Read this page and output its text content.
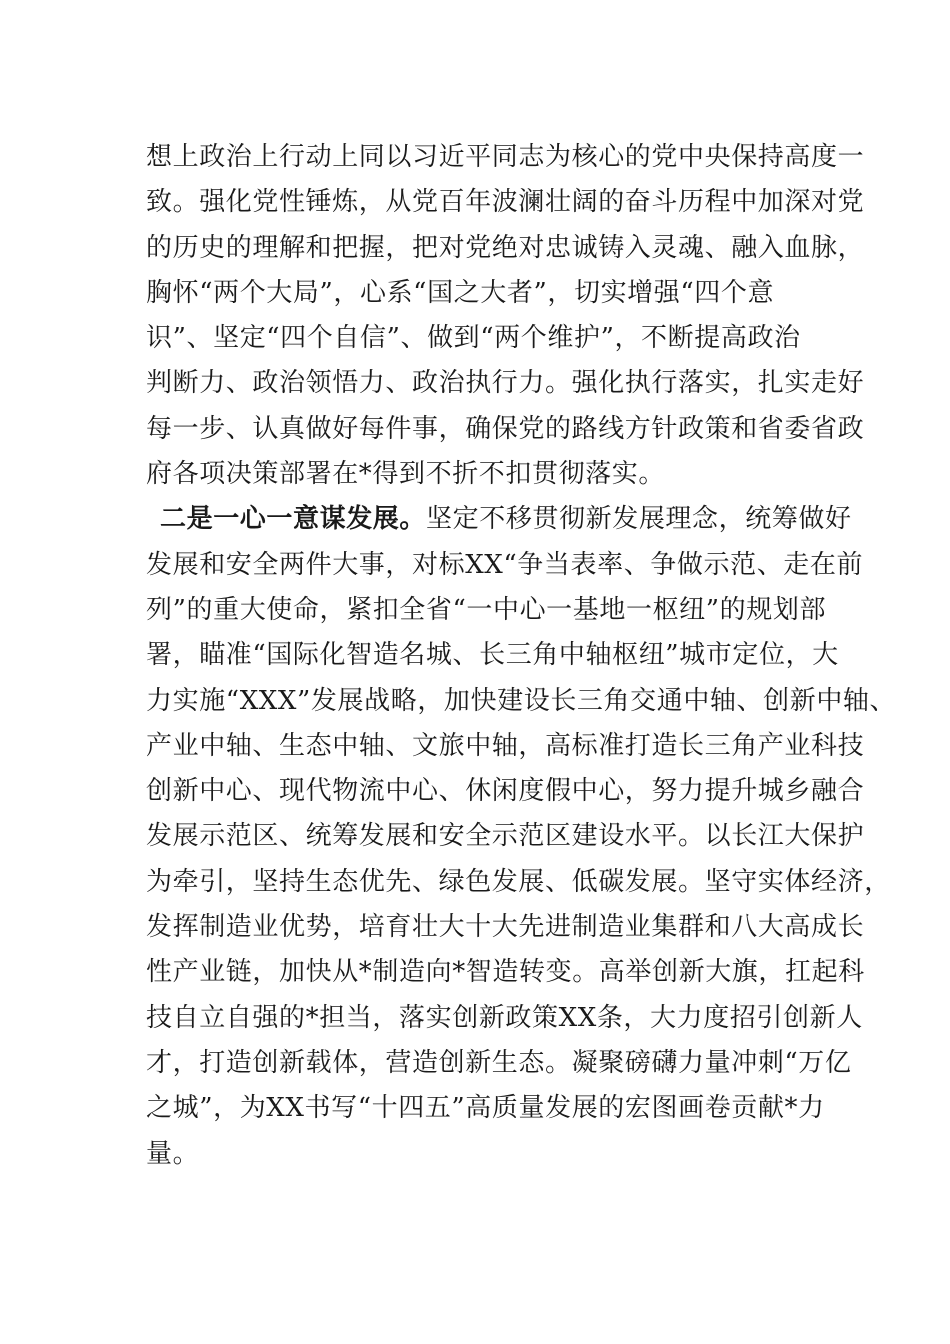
想上政治上行动上同以习近平同志为核心的党中央保持高度一
致。强化党性锤炼，从党百年波澜壮阔的奋斗历程中加深对党
的历史的理解和把握，把对党绝对忠诚铸入灵魂、融入血脉，
胸怀“两个大局”，心系“国之大者”，切实增强“四个意
识”、坚定“四个自信”、做到“两个维护”，不断提高政治
判断力、政治领悟力、政治执行力。强化执行落实，扎实走好
每一步、认真做好每件事，确保党的路线方针政策和省委省政
府各项决策部署在*得到不折不扣贯彻落实。
二是一心一意谋发展。坚定不移贯彻新发展理念，统筹做好
发展和安全两件大事，对标XX“争当表率、争做示范、走在前
列”的重大使命，紧扣全省“一中心一基地一枢纽”的规划部
署，瞄准“国际化智造名城、长三角中轴枢纽”城市定位，大
力实施“XXX”发展战略，加快建设长三角交通中轴、创新中轴、
产业中轴、生态中轴、文旅中轴，高标准打造长三角产业科技
创新中心、现代物流中心、休闲度假中心，努力提升城乡融合
发展示范区、统筹发展和安全示范区建设水平。以长江大保护
为牵引，坚持生态优先、绿色发展、低碳发展。坚守实体经济，
发挥制造业优势，培育壮大十大先进制造业集群和八大高成长
性产业链，加快从*制造向*智造转变。高举创新大旗，扛起科
技自立自强的*担当，落实创新政策XX条，大力度招引创新人
才，打造创新载体，营造创新生态。凝聚磅礴力量冲刺“万亿
之城”，为XX书写“十四五”高质量发展的宏图画卷贡献*力
量。
